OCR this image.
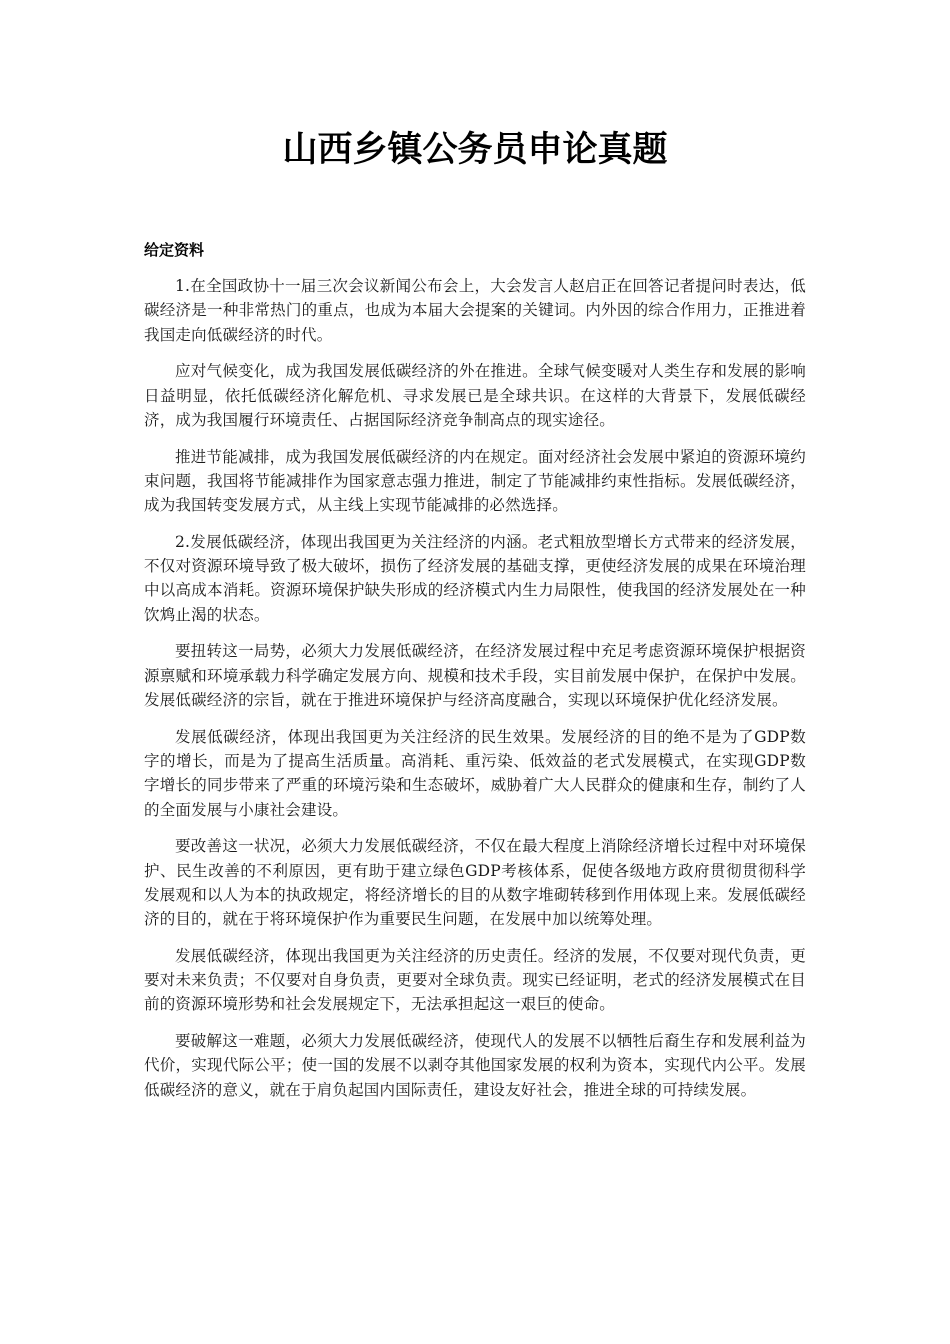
山西乡镇公务员申论真题
给定资料

1.在全国政协十一届三次会议新闻公布会上，大会发言人赵启正在回答记者提问时表达，低碳经济是一种非常热门的重点，也成为本届大会提案的关键词。内外因的综合作用力，正推进着我国走向低碳经济的时代。

应对气候变化，成为我国发展低碳经济的外在推进。全球气候变暖对人类生存和发展的影响日益明显，依托低碳经济化解危机、寻求发展已是全球共识。在这样的大背景下，发展低碳经济，成为我国履行环境责任、占据国际经济竞争制高点的现实途径。

推进节能减排，成为我国发展低碳经济的内在规定。面对经济社会发展中紧迫的资源环境约束问题，我国将节能减排作为国家意志强力推进，制定了节能减排约束性指标。发展低碳经济，成为我国转变发展方式，从主线上实现节能减排的必然选择。

2.发展低碳经济，体现出我国更为关注经济的内涵。老式粗放型增长方式带来的经济发展，不仅对资源环境导致了极大破坏，损伤了经济发展的基础支撑，更使经济发展的成果在环境治理中以高成本消耗。资源环境保护缺失形成的经济模式内生力局限性，使我国的经济发展处在一种饮鸩止渴的状态。

要扭转这一局势，必须大力发展低碳经济，在经济发展过程中充足考虑资源环境保护根据资源禀赋和环境承载力科学确定发展方向、规模和技术手段，实目前发展中保护，在保护中发展。发展低碳经济的宗旨，就在于推进环境保护与经济高度融合，实现以环境保护优化经济发展。

发展低碳经济，体现出我国更为关注经济的民生效果。发展经济的目的绝不是为了GDP数字的增长，而是为了提高生活质量。高消耗、重污染、低效益的老式发展模式，在实现GDP数字增长的同步带来了严重的环境污染和生态破坏，威胁着广大人民群众的健康和生存，制约了人的全面发展与小康社会建设。

要改善这一状况，必须大力发展低碳经济，不仅在最大程度上消除经济增长过程中对环境保护、民生改善的不利原因，更有助于建立绿色GDP考核体系，促使各级地方政府贯彻贯彻科学发展观和以人为本的执政规定，将经济增长的目的从数字堆砌转移到作用体现上来。发展低碳经济的目的，就在于将环境保护作为重要民生问题，在发展中加以统筹处理。

发展低碳经济，体现出我国更为关注经济的历史责任。经济的发展，不仅要对现代负责，更要对未来负责；不仅要对自身负责，更要对全球负责。现实已经证明，老式的经济发展模式在目前的资源环境形势和社会发展规定下，无法承担起这一艰巨的使命。

要破解这一难题，必须大力发展低碳经济，使现代人的发展不以牺牲后裔生存和发展利益为代价，实现代际公平；使一国的发展不以剥夺其他国家发展的权利为资本，实现代内公平。发展低碳经济的意义，就在于肩负起国内国际责任，建设友好社会，推进全球的可持续发展。
